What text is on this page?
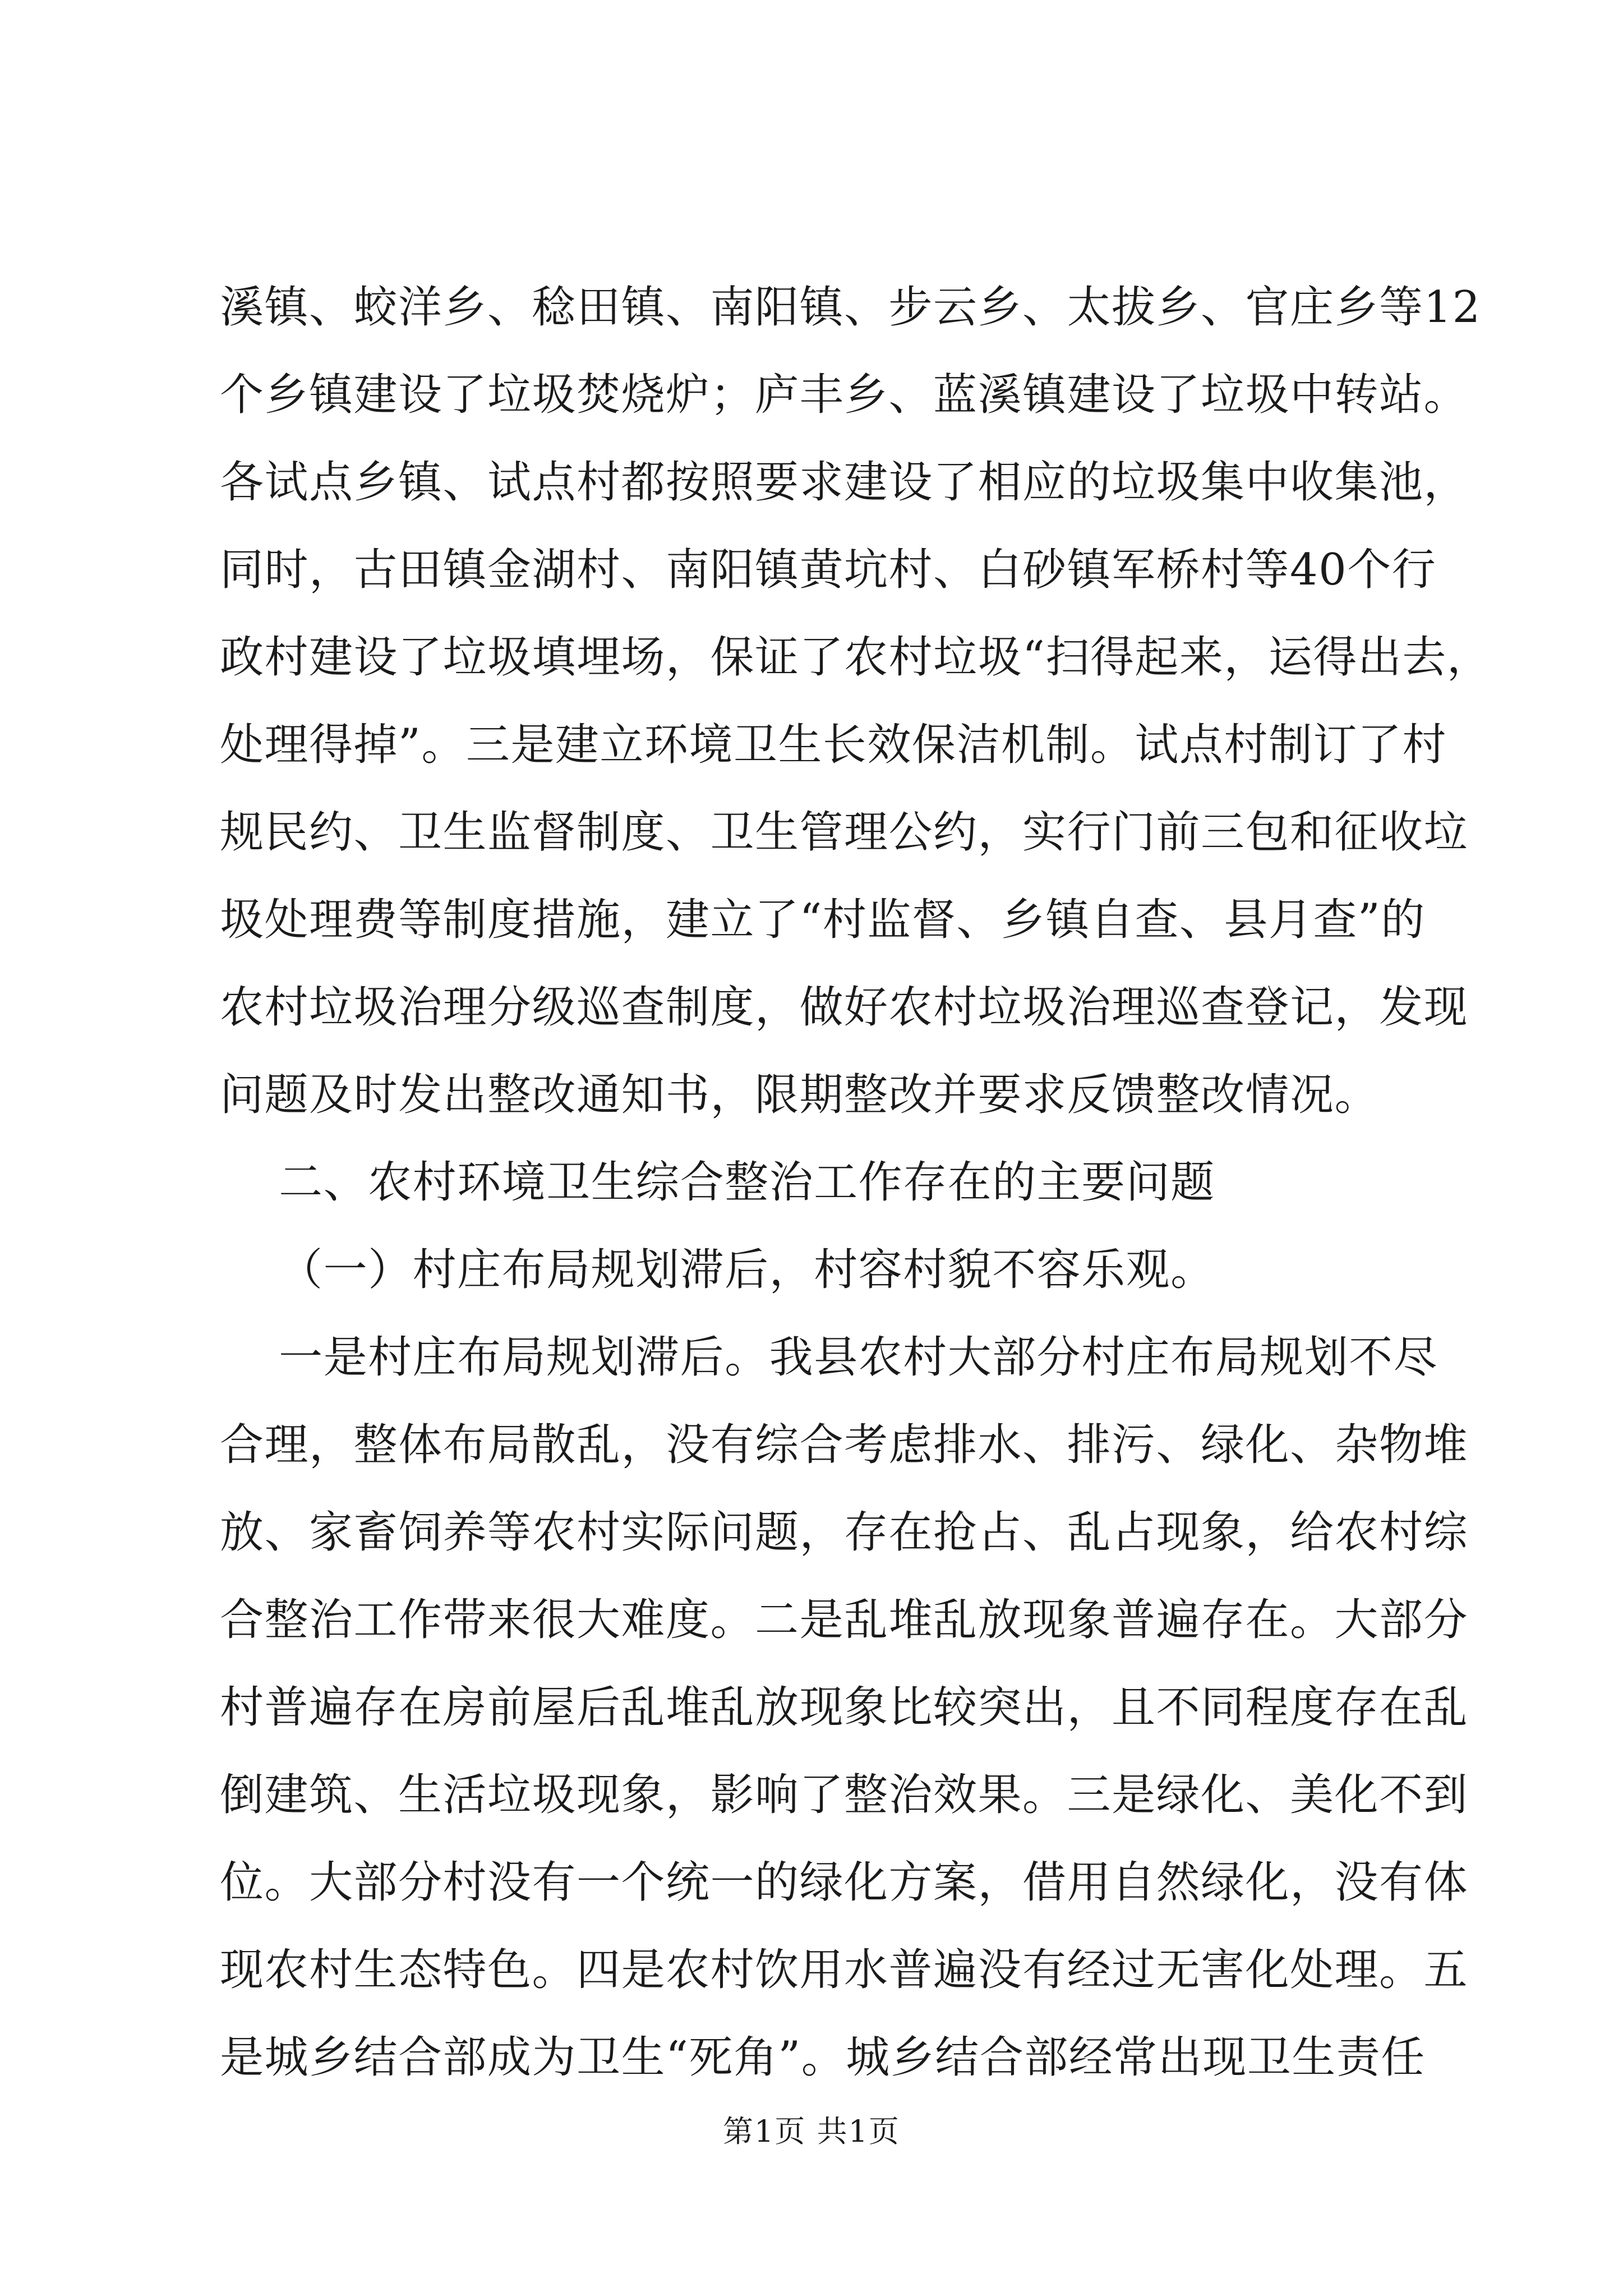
溪镇、蛟洋乡、稔田镇、南阳镇、步云乡、太拔乡、官庄乡等12
个乡镇建设了垃圾焚烧炉；庐丰乡、蓝溪镇建设了垃圾中转站。
各试点乡镇、试点村都按照要求建设了相应的垃圾集中收集池，
同时，古田镇金湖村、南阳镇黄坑村、白砂镇军桥村等40个行
政村建设了垃圾填埋场，保证了农村垃圾“扫得起来，运得出去，
处理得掉”。三是建立环境卫生长效保洁机制。试点村制订了村
规民约、卫生监督制度、卫生管理公约，实行门前三包和征收垃
圾处理费等制度措施，建立了“村监督、乡镇自查、县月查”的
农村垃圾治理分级巡查制度，做好农村垃圾治理巡查登记，发现
问题及时发出整改通知书，限期整改并要求反馈整改情况。
二、农村环境卫生综合整治工作存在的主要问题
（一）村庄布局规划滞后，村容村貌不容乐观。
一是村庄布局规划滞后。我县农村大部分村庄布局规划不尽
合理，整体布局散乱，没有综合考虑排水、排污、绿化、杂物堆
放、家畜饲养等农村实际问题，存在抢占、乱占现象，给农村综
合整治工作带来很大难度。二是乱堆乱放现象普遍存在。大部分
村普遍存在房前屋后乱堆乱放现象比较突出，且不同程度存在乱
倒建筑、生活垃圾现象，影响了整治效果。三是绿化、美化不到
位。大部分村没有一个统一的绿化方案，借用自然绿化，没有体
现农村生态特色。四是农村饮用水普遍没有经过无害化处理。五
是城乡结合部成为卫生“死角”。城乡结合部经常出现卫生责任
第1页 共1页
